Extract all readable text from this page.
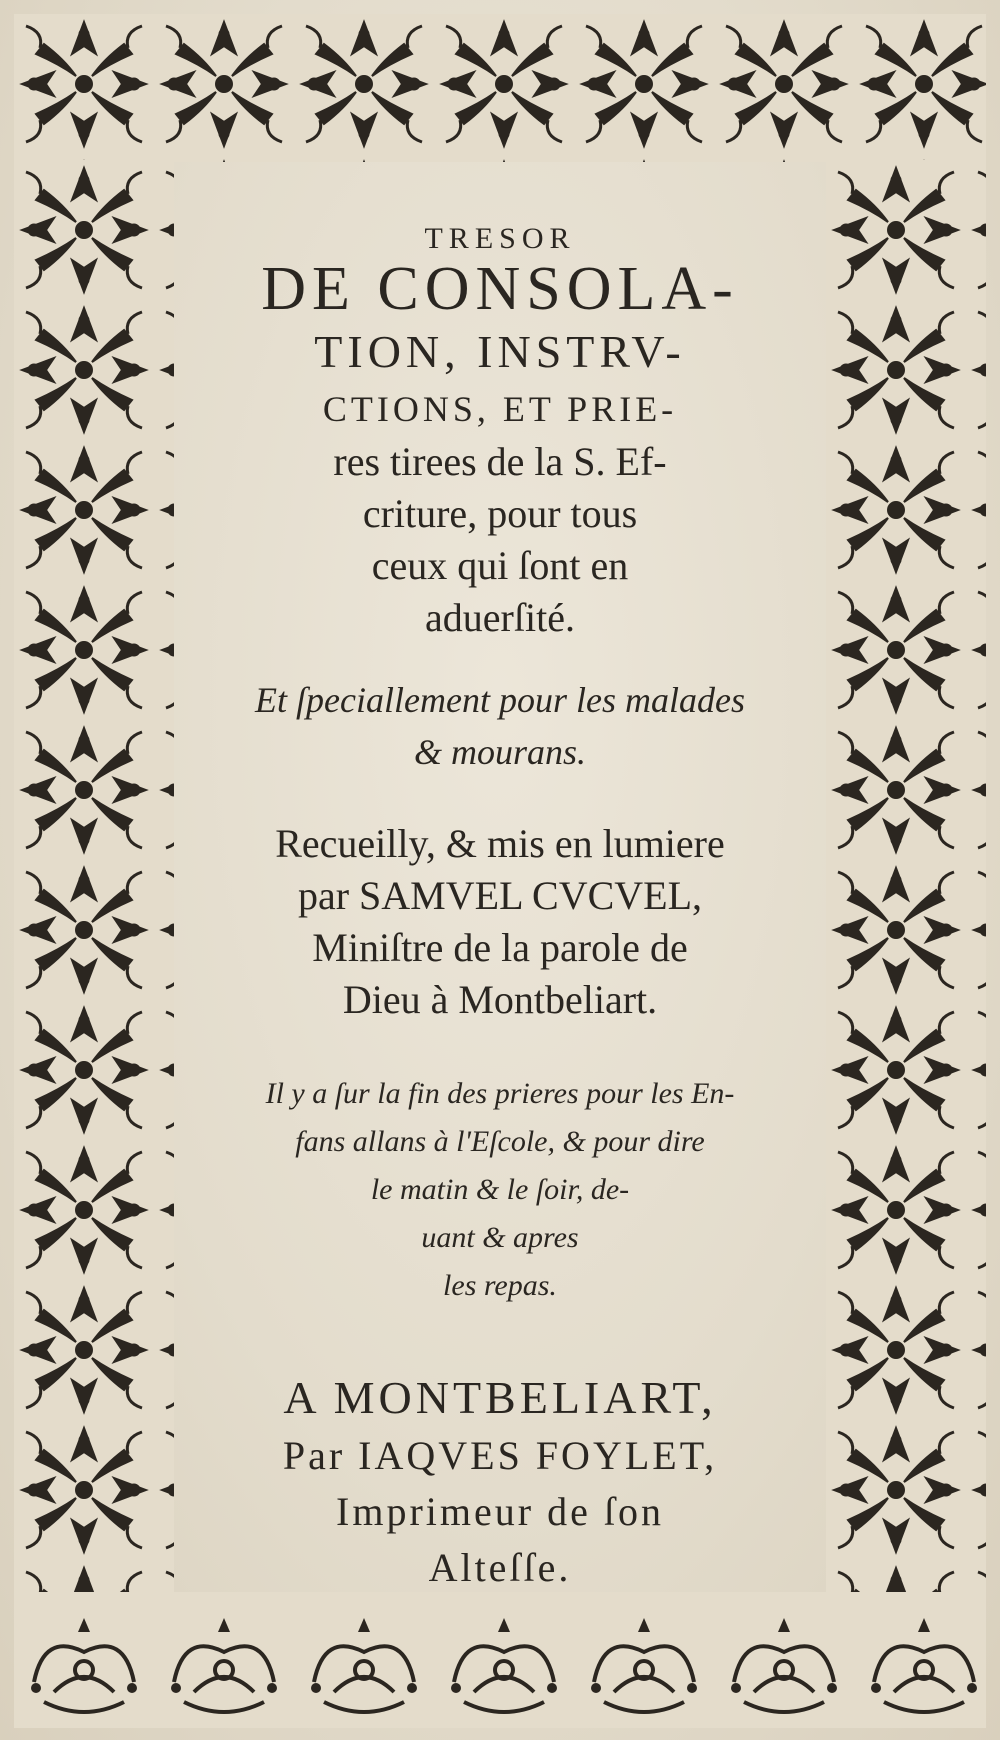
TRESOR
DE CONSOLA-
TION, INSTRV-
CTIONS, ET PRIE-
res tirees de la S. Ef-
criture, pour tous
ceux qui ſont en
aduerſité.
Et ſpeciallement pour les malades
& mourans.
Recueilly, & mis en lumiere
par SAMVEL CVCVEL,
Miniſtre de la parole de
Dieu à Montbeliart.
Il y a ſur la fin des prieres pour les En-
fans allans à l'Eſcole, & pour dire
le matin & le ſoir, de-
uant & apres
les repas.
A MONTBELIART,
Par IAQVES FOYLET,
Imprimeur de ſon
Alteſſe.
